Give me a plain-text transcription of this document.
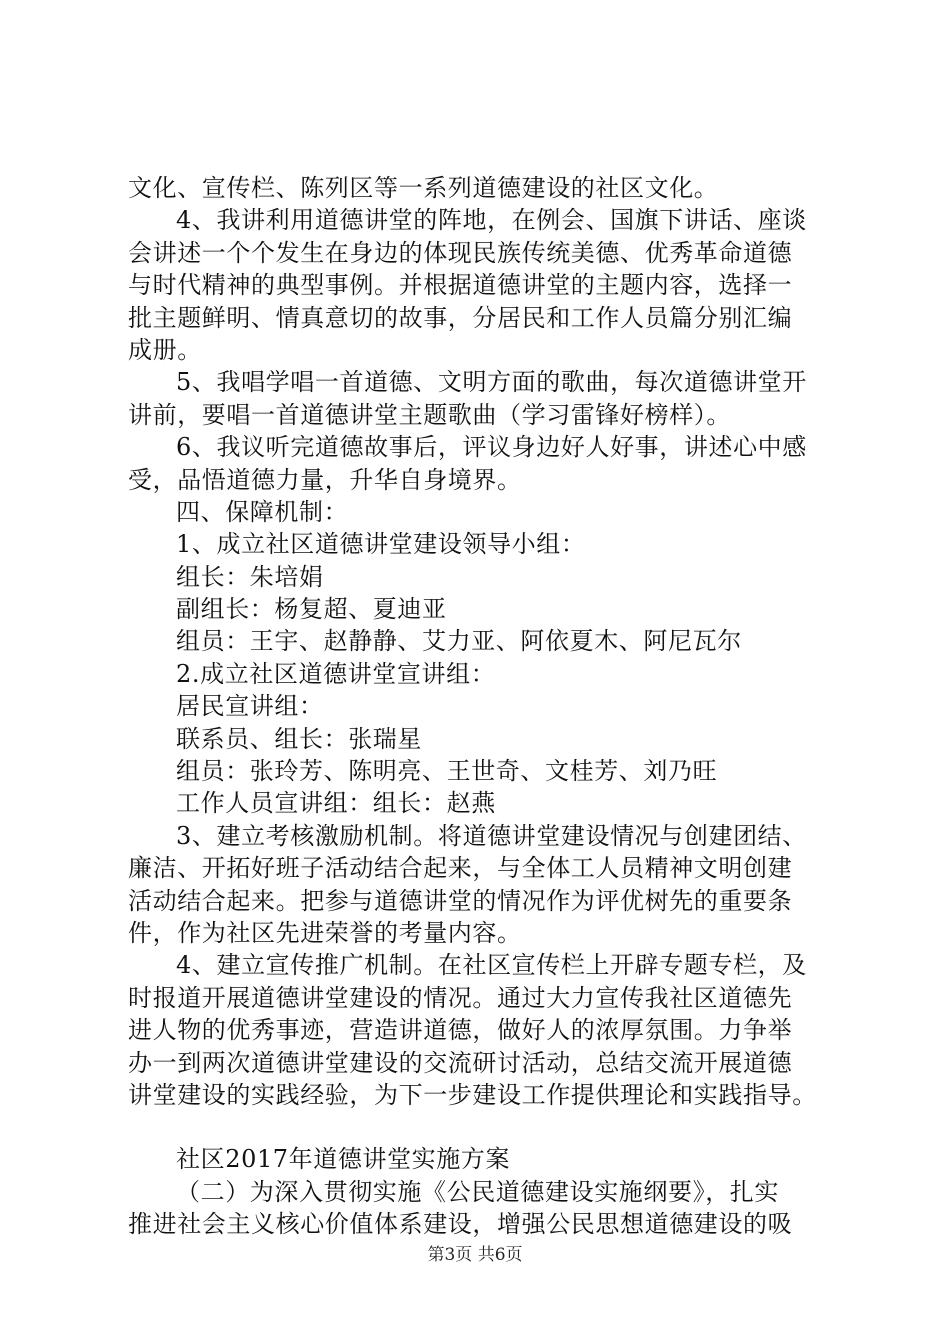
文化、宣传栏、陈列区等一系列道德建设的社区文化。
4、我讲利用道德讲堂的阵地，在例会、国旗下讲话、座谈
会讲述一个个发生在身边的体现民族传统美德、优秀革命道德
与时代精神的典型事例。并根据道德讲堂的主题内容，选择一
批主题鲜明、情真意切的故事，分居民和工作人员篇分别汇编
成册。
5、我唱学唱一首道德、文明方面的歌曲，每次道德讲堂开
讲前，要唱一首道德讲堂主题歌曲（学习雷锋好榜样）。
6、我议听完道德故事后，评议身边好人好事，讲述心中感
受，品悟道德力量，升华自身境界。
四、保障机制：
1、成立社区道德讲堂建设领导小组：
组长：朱培娟
副组长：杨复超、夏迪亚
组员：王宇、赵静静、艾力亚、阿依夏木、阿尼瓦尔
2.成立社区道德讲堂宣讲组：
居民宣讲组：
联系员、组长：张瑞星
组员：张玲芳、陈明亮、王世奇、文桂芳、刘乃旺
工作人员宣讲组：组长：赵燕
3、建立考核激励机制。将道德讲堂建设情况与创建团结、
廉洁、开拓好班子活动结合起来，与全体工人员精神文明创建
活动结合起来。把参与道德讲堂的情况作为评优树先的重要条
件，作为社区先进荣誉的考量内容。
4、建立宣传推广机制。在社区宣传栏上开辟专题专栏，及
时报道开展道德讲堂建设的情况。通过大力宣传我社区道德先
进人物的优秀事迹，营造讲道德，做好人的浓厚氛围。力争举
办一到两次道德讲堂建设的交流研讨活动，总结交流开展道德
讲堂建设的实践经验，为下一步建设工作提供理论和实践指导。
社区2017年道德讲堂实施方案
（二）为深入贯彻实施《公民道德建设实施纲要》，扎实
推进社会主义核心价值体系建设，增强公民思想道德建设的吸
第3页 共6页
